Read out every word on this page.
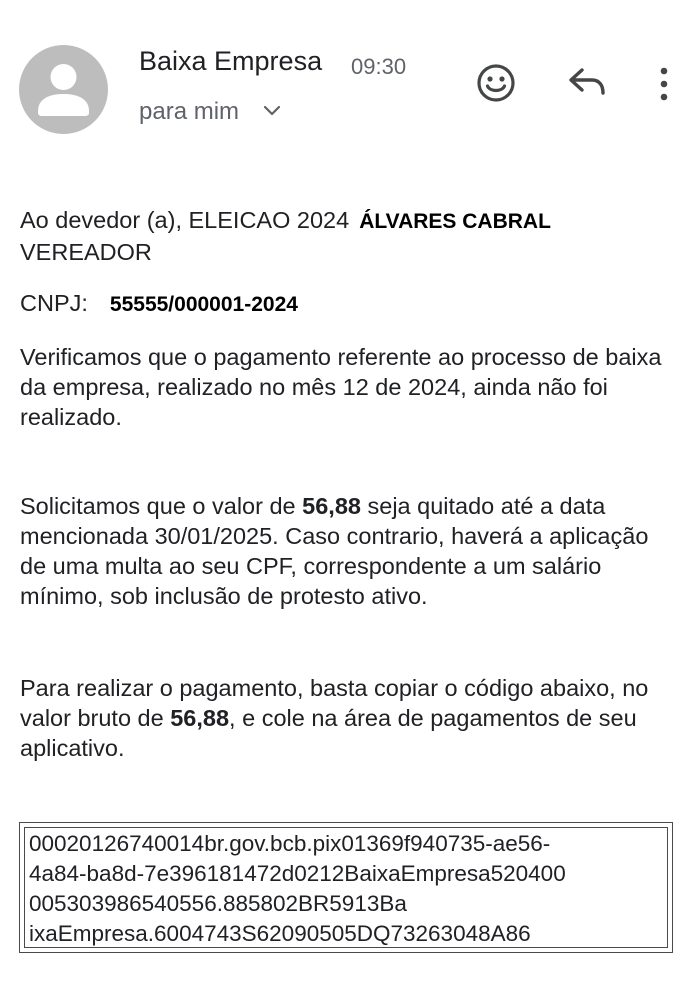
Baixa Empresa 09:30
para mim
Ao devedor (a), ELEICAO 2024 ÁLVARES CABRAL
VEREADOR
CNPJ: 55555/000001-2024
Verificamos que o pagamento referente ao processo de baixa da empresa, realizado no mês 12 de 2024, ainda não foi realizado.
Solicitamos que o valor de 56,88 seja quitado até a data mencionada 30/01/2025. Caso contrario, haverá a aplicação de uma multa ao seu CPF, correspondente a um salário mínimo, sob inclusão de protesto ativo.
Para realizar o pagamento, basta copiar o código abaixo, no valor bruto de 56,88, e cole na área de pagamentos de seu aplicativo.
00020126740014br.gov.bcb.pix01369f940735-ae56-
4a84-ba8d-7e396181472d0212BaixaEmpresa520400
005303986540556.885802BR5913Ba
ixaEmpresa.6004743S62090505DQ73263048A86
